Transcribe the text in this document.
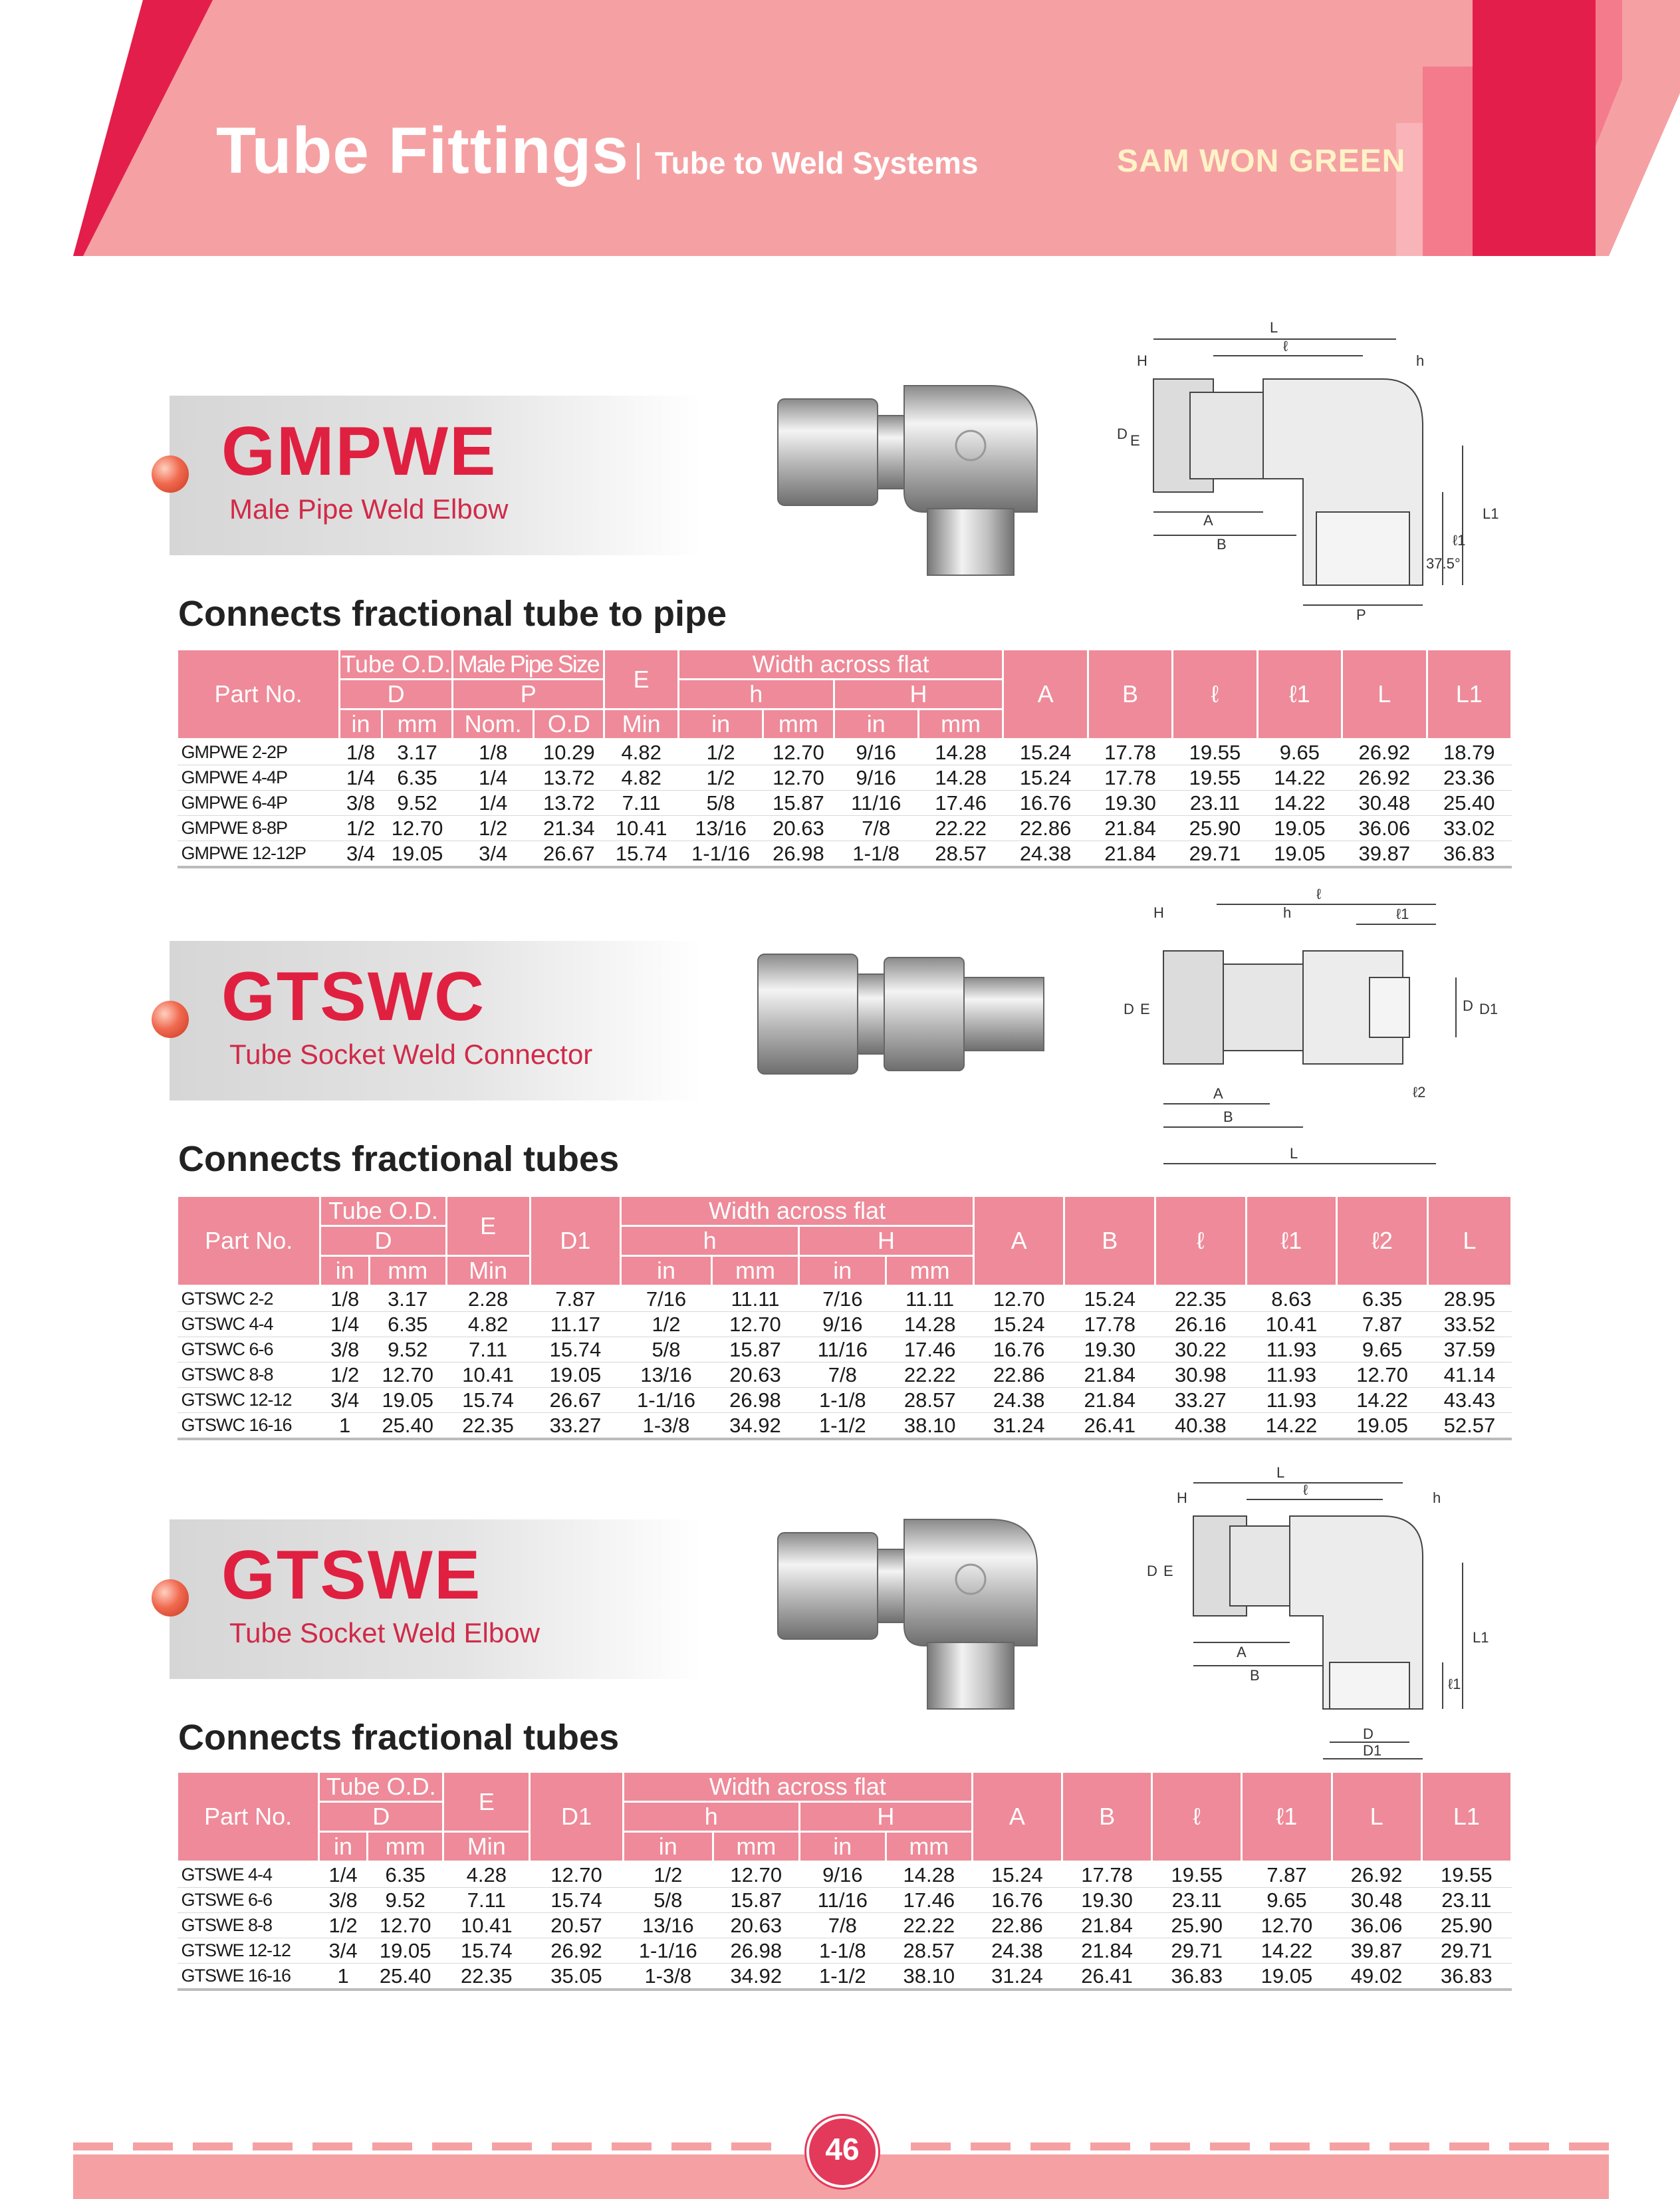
Tube Fittings Tube to Weld Systems	SAM WON GREEN
GMPWE
Male Pipe Weld Elbow
L
ℓ
H	h
D E
A
B
L1
ℓ1
37.5°
P
Connects fractional tube to pipe
Part No.	Tube O.D.		Male Pipe Size		E	Width across flat				A	B	ℓ	ℓ1	L	L1
	D		P			h		H							
	in	mm	Nom.	O.D	Min	in	mm	in	mm						
GMPWE 2-2P	1/8	3.17	1/8	10.29	4.82	1/2	12.70	9/16	14.28	15.24	17.78	19.55	9.65	26.92	18.79
GMPWE 4-4P	1/4	6.35	1/4	13.72	4.82	1/2	12.70	9/16	14.28	15.24	17.78	19.55	14.22	26.92	23.36
GMPWE 6-4P	3/8	9.52	1/4	13.72	7.11	5/8	15.87	11/16	17.46	16.76	19.30	23.11	14.22	30.48	25.40
GMPWE 8-8P	1/2	12.70	1/2	21.34	10.41	13/16	20.63	7/8	22.22	22.86	21.84	25.90	19.05	36.06	33.02
GMPWE 12-12P	3/4	19.05	3/4	26.67	15.74	1-1/16	26.98	1-1/8	28.57	24.38	21.84	29.71	19.05	39.87	36.83
GTSWC
Tube Socket Weld Connector
ℓ
H	h	ℓ1
D E	D D1
A
B
ℓ2
L
Connects fractional tubes
Part No.	Tube O.D.		E	D1	Width across flat				A	B	ℓ	ℓ1	ℓ2	L
	D				h		H							
	in	mm	Min		in	mm	in	mm						
GTSWC 2-2	1/8	3.17	2.28	7.87	7/16	11.11	7/16	11.11	12.70	15.24	22.35	8.63	6.35	28.95
GTSWC 4-4	1/4	6.35	4.82	11.17	1/2	12.70	9/16	14.28	15.24	17.78	26.16	10.41	7.87	33.52
GTSWC 6-6	3/8	9.52	7.11	15.74	5/8	15.87	11/16	17.46	16.76	19.30	30.22	11.93	9.65	37.59
GTSWC 8-8	1/2	12.70	10.41	19.05	13/16	20.63	7/8	22.22	22.86	21.84	30.98	11.93	12.70	41.14
GTSWC 12-12	3/4	19.05	15.74	26.67	1-1/16	26.98	1-1/8	28.57	24.38	21.84	33.27	11.93	14.22	43.43
GTSWC 16-16	1	25.40	22.35	33.27	1-3/8	34.92	1-1/2	38.10	31.24	26.41	40.38	14.22	19.05	52.57
GTSWE
Tube Socket Weld Elbow
L
ℓ
H	h
D E
A
B
L1
ℓ1
D
D1
Connects fractional tubes
Part No.	Tube O.D.		E	D1	Width across flat				A	B	ℓ	ℓ1	L	L1
	D				h		H							
	in	mm	Min		in	mm	in	mm						
GTSWE 4-4	1/4	6.35	4.28	12.70	1/2	12.70	9/16	14.28	15.24	17.78	19.55	7.87	26.92	19.55
GTSWE 6-6	3/8	9.52	7.11	15.74	5/8	15.87	11/16	17.46	16.76	19.30	23.11	9.65	30.48	23.11
GTSWE 8-8	1/2	12.70	10.41	20.57	13/16	20.63	7/8	22.22	22.86	21.84	25.90	12.70	36.06	25.90
GTSWE 12-12	3/4	19.05	15.74	26.92	1-1/16	26.98	1-1/8	28.57	24.38	21.84	29.71	14.22	39.87	29.71
GTSWE 16-16	1	25.40	22.35	35.05	1-3/8	34.92	1-1/2	38.10	31.24	26.41	36.83	19.05	49.02	36.83
46
